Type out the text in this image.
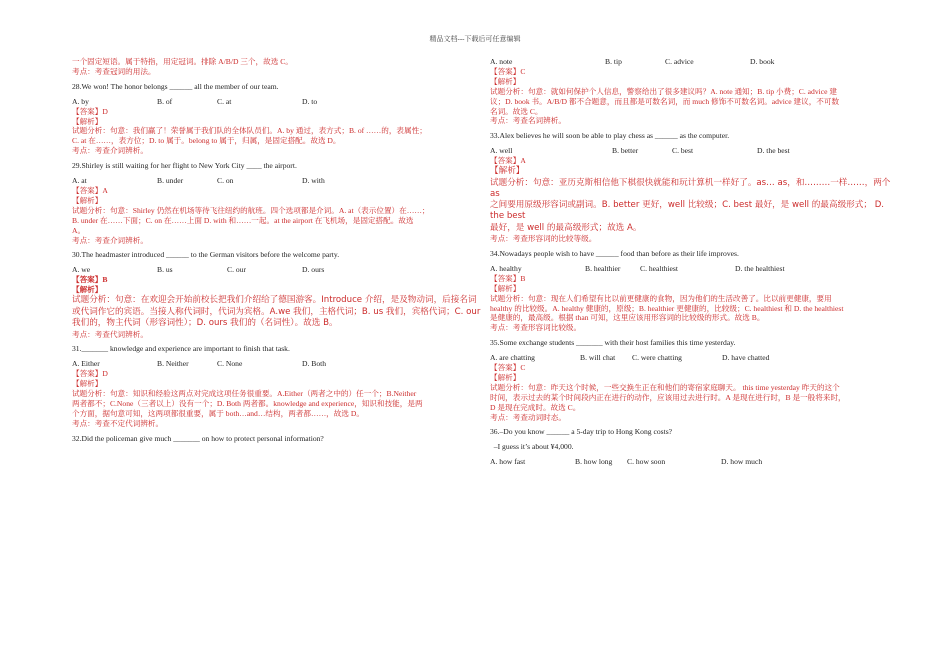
精品文档---下载后可任意编辑
一个固定短语。属于特指，用定冠词。排除 A/B/D 三个，故选 C。
考点：考查冠词的用法。
28.We won! The honor belongs ______ all the member of our team.
A. by	B. of	C. at	D. to
【答案】D
【解析】
试题分析：句意：我们赢了！荣誉属于我们队的全体队员们。A. by 通过，表方式；B. of ……的，表属性；
C. at 在……，表方位；D. to 属于。belong to 属于，归属，是固定搭配。故选 D。
考点：考查介词辨析。
29.Shirley is still waiting for her flight to New York City ____ the airport.
A. at	B. under	C. on	D. with
【答案】A
【解析】
试题分析：句意：Shirley 仍然在机场等待飞往纽约的航班。四个选项都是介词。A. at（表示位置）在……；
B. under 在……下面；C. on 在……上面 D. with 和……一起。at the airport 在飞机场，是固定搭配。故选
A。
考点：考查介词辨析。
30.The headmaster introduced ______ to the German visitors before the welcome party.
A. we	B. us	C. our	D. ours
【答案】B
【解析】
试题分析：句意：在欢迎会开始前校长把我们介绍给了德国游客。Introduce 介绍，是及物动词，后接名词
或代词作它的宾语。当接人称代词时，代词为宾格。A.we 我们，主格代词；B. us 我们，宾格代词；C. our
我们的，物主代词（形容词性）；D. ours 我们的（名词性）。故选 B。
考点：考查代词辨析。
31._______ knowledge and experience are important to finish that task.
A. Either	B. Neither	C. None	D. Both
【答案】D
【解析】
试题分析：句意：知识和经验这两点对完成这项任务很重要。A.Either（两者之中的）任一个；B.Neither
两者都不；C.None（三者以上）没有一个；D. Both 两者都。knowledge and experience，知识和技能，是两
个方面，据句意可知，这两项都很重要，属于 both…and…结构，两者都……，故选 D。
考点：考查不定代词辨析。
32.Did the policeman give much _______ on how to protect personal information?
A. note	B. tip	C. advice	D. book
【答案】C
【解析】
试题分析：句意：就如何保护个人信息，警察给出了很多建议吗？A. note 通知；B. tip 小费；C. advice 建
议；D. book 书。A/B/D 都不合题意，而且都是可数名词，而 much 修饰不可数名词。advice 建议，不可数
名词。故选 C。
考点：考查名词辨析。
33.Alex believes he will soon be able to play chess as ______ as the computer.
A. well	B. better	C. best	D. the best
【答案】A
【解析】
试题分析：句意：亚历克斯相信他下棋很快就能和玩计算机一样好了。as… as，和………一样……，两个 as
之间要用原级形容词或副词。B. better 更好，well 比较级；C. best 最好，是 well 的最高级形式； D. the best
最好，是 well 的最高级形式；故选 A。
考点：考查形容词的比较等级。
34.Nowadays people wish to have ______ food than before as their life improves.
A. healthy	B. healthier	C. healthiest	D. the healthiest
【答案】B
【解析】
试题分析：句意：现在人们希望有比以前更健康的食物，因为他们的生活改善了。比以前更健康，要用
healthy 的比较级。A. healthy 健康的，原级；B. healthier 更健康的，比较级；C. healthiest 和 D. the healthiest
是健康的，最高级。根据 than 可知，这里应该用形容词的比较级的形式。故选 B。
考点：考查形容词比较级。
35.Some exchange students _______ with their host families this time yesterday.
A. are chatting	B. will chat	C. were chatting	D. have chatted
【答案】C
【解析】
试题分析：句意：昨天这个时候，一些交换生正在和他们的寄宿家庭聊天。 this time yesterday 昨天的这个
时间，表示过去的某个时间段内正在进行的动作，应该用过去进行时。A 是现在进行时，B 是一般将来时，
D 是现在完成时。故选 C。
考点：考查动词时态。
36.–Do you know ______ a 5-day trip to Hong Kong costs?
–I guess it’s about ¥4,000.
A. how fast	B. how long	C. how soon	D. how much
